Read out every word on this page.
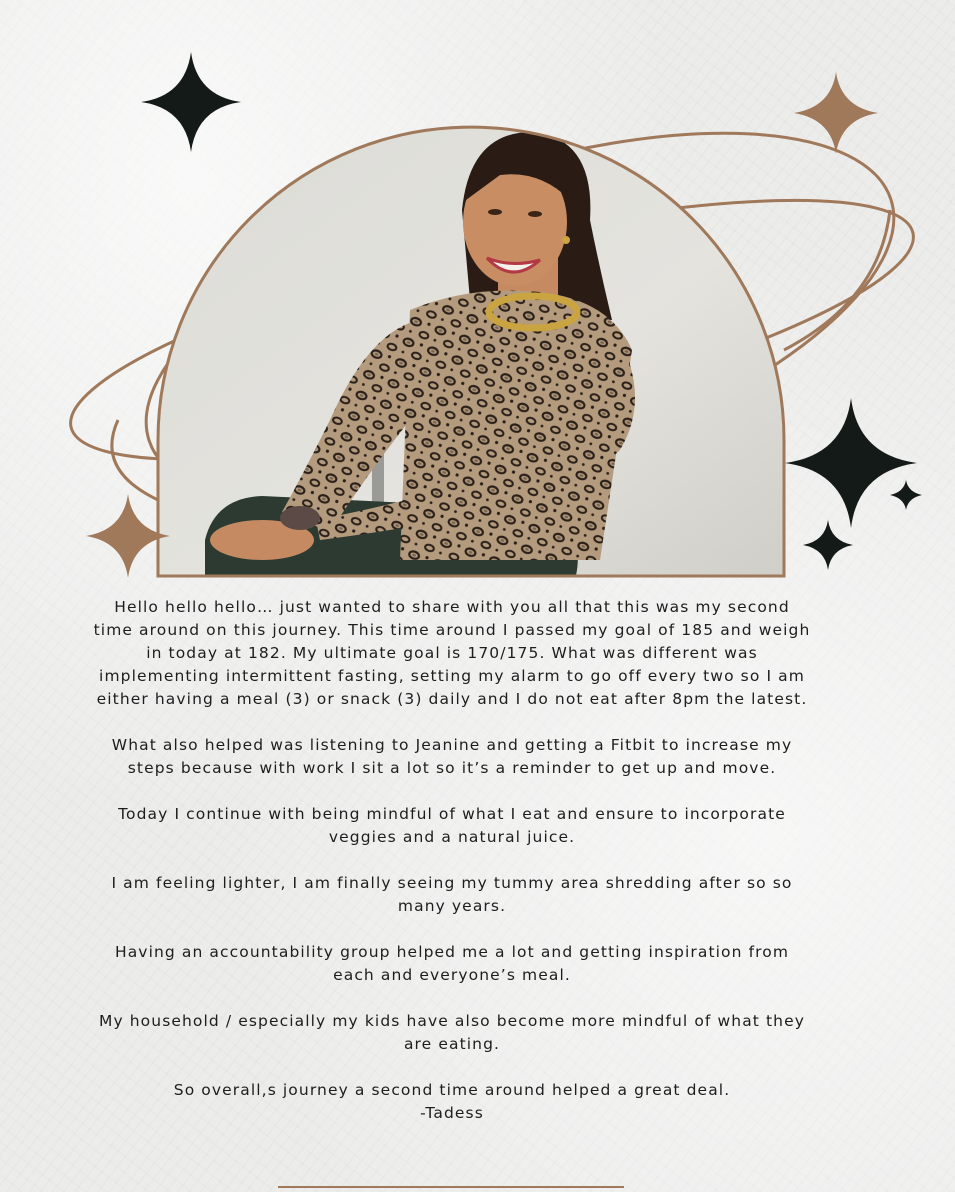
Hello hello hello… just wanted to share with you all that this was my second time around on this journey. This time around I passed my goal of 185 and weigh in today at 182. My ultimate goal is 170/175. What was different was implementing intermittent fasting, setting my alarm to go off every two so I am either having a meal (3) or snack (3) daily and I do not eat after 8pm the latest.

What also helped was listening to Jeanine and getting a Fitbit to increase my steps because with work I sit a lot so it’s a reminder to get up and move.

Today I continue with being mindful of what I eat and ensure to incorporate veggies and a natural juice.

I am feeling lighter, I am finally seeing my tummy area shredding after so so many years.

Having an accountability group helped me a lot and getting inspiration from each and everyone’s meal.

My household / especially my kids have also become more mindful of what they are eating.

So overall,s journey a second time around helped a great deal.
-Tadess
